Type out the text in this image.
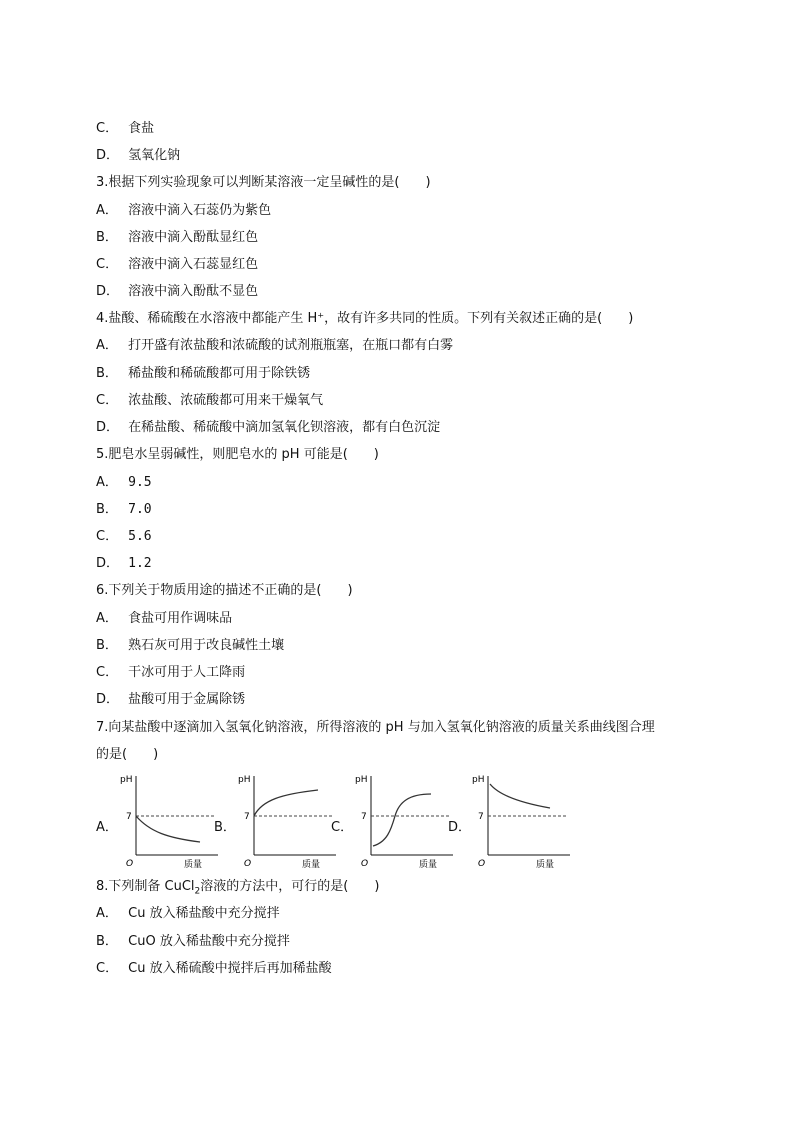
C． 食盐
D． 氢氧化钠
3.根据下列实验现象可以判断某溶液一定呈碱性的是(　　)
A． 溶液中滴入石蕊仍为紫色
B． 溶液中滴入酚酞显红色
C． 溶液中滴入石蕊显红色
D． 溶液中滴入酚酞不显色
4.盐酸、稀硫酸在水溶液中都能产生 H⁺，故有许多共同的性质。下列有关叙述正确的是(　　)
A． 打开盛有浓盐酸和浓硫酸的试剂瓶瓶塞，在瓶口都有白雾
B． 稀盐酸和稀硫酸都可用于除铁锈
C． 浓盐酸、浓硫酸都可用来干燥氧气
D． 在稀盐酸、稀硫酸中滴加氢氧化钡溶液，都有白色沉淀
5.肥皂水呈弱碱性，则肥皂水的 pH 可能是(　　)
A． 9.5
B． 7.0
C． 5.6
D． 1.2
6.下列关于物质用途的描述不正确的是(　　)
A． 食盐可用作调味品
B． 熟石灰可用于改良碱性土壤
C． 干冰可用于人工降雨
D． 盐酸可用于金属除锈
7.向某盐酸中逐滴加入氢氧化钠溶液，所得溶液的 pH 与加入氢氧化钠溶液的质量关系曲线图合理
的是(　　)
A．	B．	C．	D．
pH
7
O	质量
pH
7
O	质量
pH
7
O	质量
pH
7
O	质量
8.下列制备 CuCl$_2$溶液的方法中，可行的是(　　)
A． Cu 放入稀盐酸中充分搅拌
B． CuO 放入稀盐酸中充分搅拌
C． Cu 放入稀硫酸中搅拌后再加稀盐酸
